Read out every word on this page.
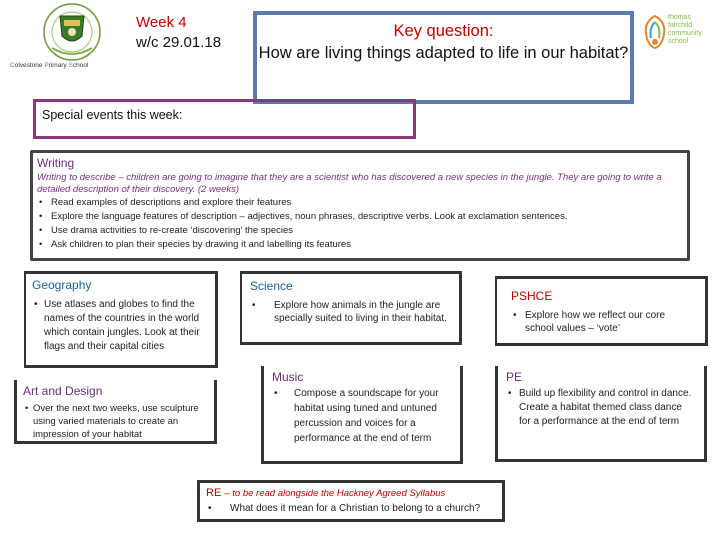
Colvestone Primary School
Week 4
w/c 29.01.18
Key question:
How are living things adapted to life in our habitat?
thomas
fairchild
community
school
Special events this week:
Writing
Writing to describe – children are going to imagine that they are a scientist who has discovered a new species in the jungle. They are going to write a detailed description of their discovery. (2 weeks)
• Read examples of descriptions and explore their features
• Explore the language features of description – adjectives, noun phrases, descriptive verbs. Look at exclamation sentences.
• Use drama activities to re-create ‘discovering’ the species
• Ask children to plan their species by drawing it and labelling its features
Geography
• Use atlases and globes to find the names of the countries in the world which contain jungles. Look at their flags and their capital cities
Art and Design
• Over the next two weeks, use sculpture using varied materials to create an impression of your habitat
Science
• Explore how animals in the jungle are specially suited to living in their habitat.
Music
• Compose a soundscape for your habitat using tuned and untuned percussion and voices for a performance at the end of term
PSHCE
• Explore how we reflect our core school values – ‘vote’
PE
• Build up flexibility and control in dance. Create a habitat themed class dance for a performance at the end of term
RE – to be read alongside the Hackney Agreed Syllabus
• What does it mean for a Christian to belong to a church?
